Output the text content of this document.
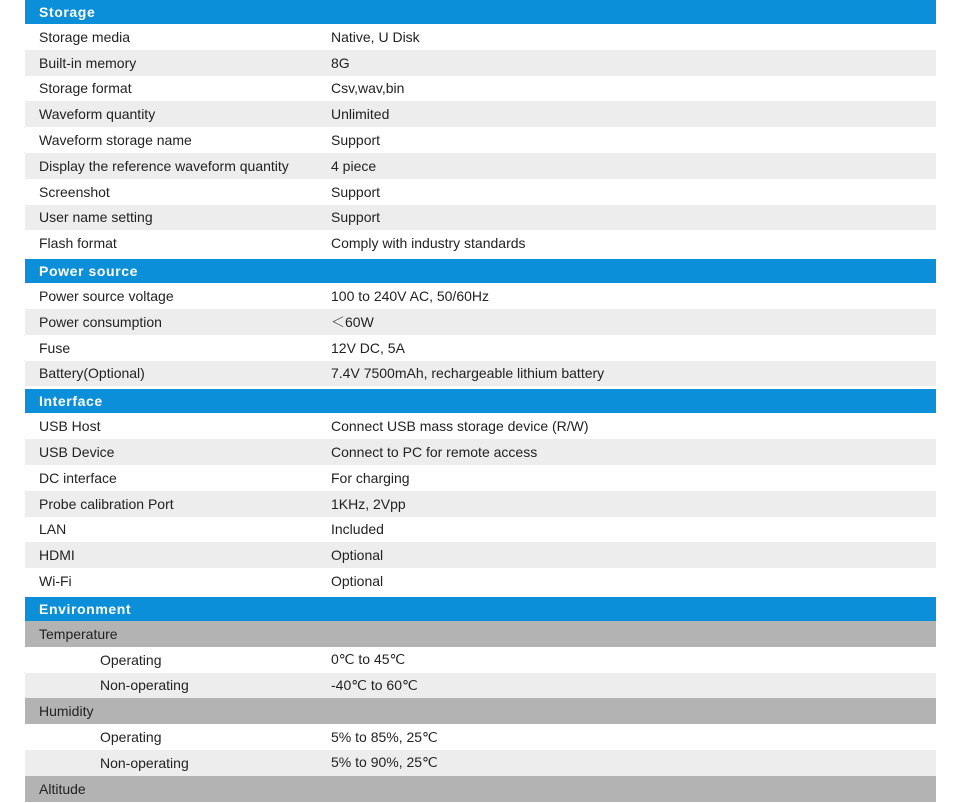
Storage
Storage media	Native, U Disk
Built-in memory	8G
Storage format	Csv,wav,bin
Waveform quantity	Unlimited
Waveform storage name	Support
Display the reference waveform quantity	4 piece
Screenshot	Support
User name setting	Support
Flash format	Comply with industry standards
Power source
Power source voltage	100 to 240V AC, 50/60Hz
Power consumption	＜60W
Fuse	12V DC, 5A
Battery(Optional)	7.4V 7500mAh, rechargeable lithium battery
Interface
USB Host	Connect USB mass storage device (R/W)
USB Device	Connect to PC for remote access
DC interface	For charging
Probe calibration Port	1KHz, 2Vpp
LAN	Included
HDMI	Optional
Wi-Fi	Optional
Environment
Temperature
Operating	0℃ to 45℃
Non-operating	-40℃ to 60℃
Humidity
Operating	5% to 85%, 25℃
Non-operating	5% to 90%, 25℃
Altitude
